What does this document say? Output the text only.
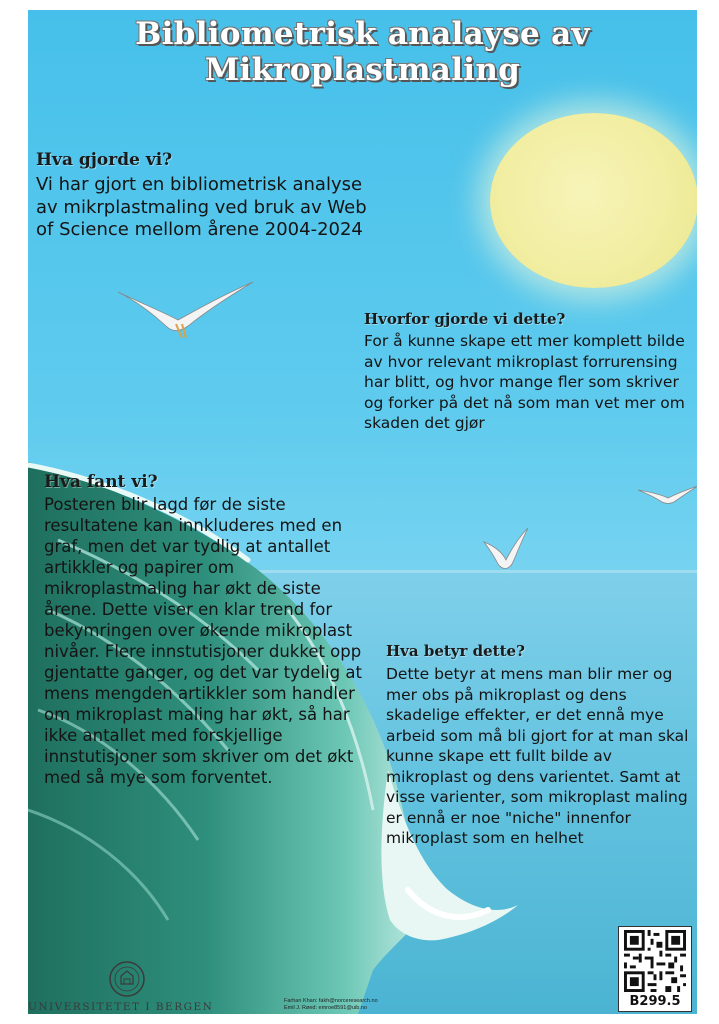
Bibliometrisk analayse av
Mikroplastmaling
Hva gjorde vi?

Vi har gjort en bibliometrisk analyse av mikrplastmaling ved bruk av Web of Science mellom årene 2004-2024

Hvorfor gjorde vi dette?

For å kunne skape ett mer komplett bilde av hvor relevant mikroplast forrurensing har blitt, og hvor mange fler som skriver og forker på det nå som man vet mer om skaden det gjør

Hva fant vi?

Posteren blir lagd før de siste resultatene kan innkluderes med en graf, men det var tydlig at antallet artikkler og papirer om mikroplastmaling har økt de siste årene. Dette viser en klar trend for bekymringen over økende mikroplast nivåer. Flere innstutisjoner dukket opp gjentatte ganger, og det var tydelig at mens mengden artikkler som handler om mikroplast maling har økt, så har ikke antallet med forskjellige innstutisjoner som skriver om det økt med så mye som forventet.

Hva betyr dette?

Dette betyr at mens man blir mer og mer obs på mikroplast og dens skadelige effekter, er det ennå mye arbeid som må bli gjort for at man skal kunne skape ett fullt bilde av mikroplast og dens varientet. Samt at visse varienter, som mikroplast maling er ennå er noe "niche" innenfor mikroplast som en helhet

UNIVERSITETET I BERGEN	Farhan Khan: fakh@norceresearch.no
Emil J. Røed: emroe8591@uib.no	B299.5
